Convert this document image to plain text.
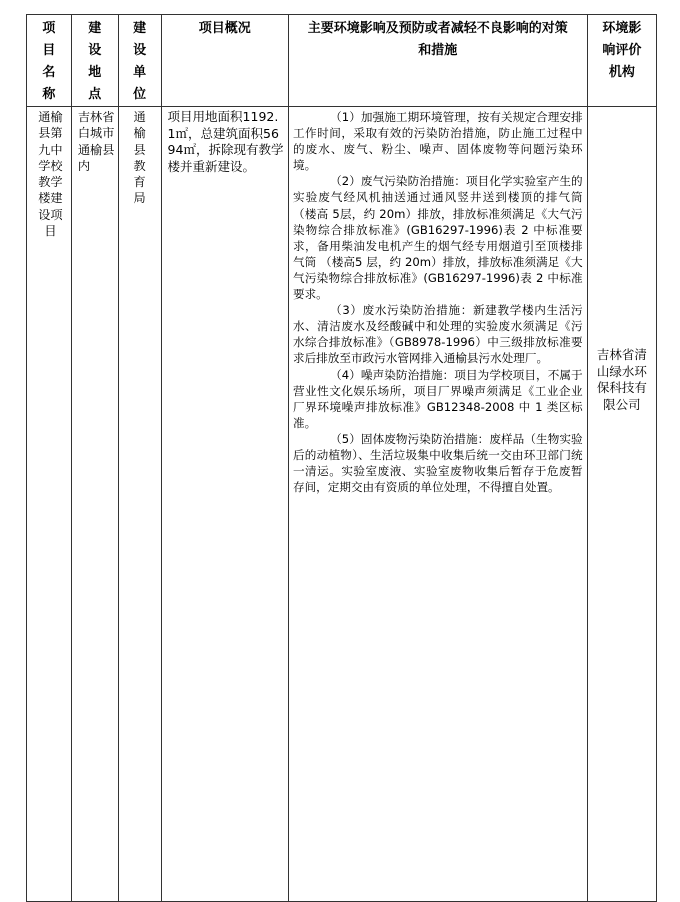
项目名称	建设地点	建设单位	项目概况	主要环境影响及预防或者减轻不良影响的对策和措施	环境影响评价机构
通榆县第九中学校教学楼建设项目	吉林省白城市通榆县内	通榆县教育局	项目用地面积1192.1㎡，总建筑面积5694㎡，拆除现有教学楼并重新建设。	（1）加强施工期环境管理，按有关规定合理安排工作时间，采取有效的污染防治措施，防止施工过程中的废水、废气、粉尘、噪声、固体废物等问题污染环境。

（2）废气污染防治措施：项目化学实验室产生的实验废气经风机抽送通过通风竖井送到楼顶的排气筒 （楼高 5层，约 20m）排放，排放标准须满足《大气污染物综合排放标准》(GB16297-1996)表 2 中标准要求，备用柴油发电机产生的烟气经专用烟道引至顶楼排气筒 （楼高5 层，约 20m）排放，排放标准须满足《大气污染物综合排放标准》(GB16297-1996)表 2 中标准要求。

（3）废水污染防治措施：新建教学楼内生活污水、清洁废水及经酸碱中和处理的实验废水须满足《污水综合排放标准》（GB8978-1996）中三级排放标准要求后排放至市政污水管网排入通榆县污水处理厂。

（4）噪声染防治措施：项目为学校项目，不属于营业性文化娱乐场所，项目厂界噪声须满足《工业企业厂界环境噪声排放标准》GB12348-2008 中 1 类区标准。

（5）固体废物污染防治措施：废样品（生物实验后的动植物）、生活垃圾集中收集后统一交由环卫部门统一清运。实验室废液、实验室废物收集后暂存于危废暂存间，定期交由有资质的单位处理，不得擅自处置。	吉林省清山绿水环保科技有限公司
